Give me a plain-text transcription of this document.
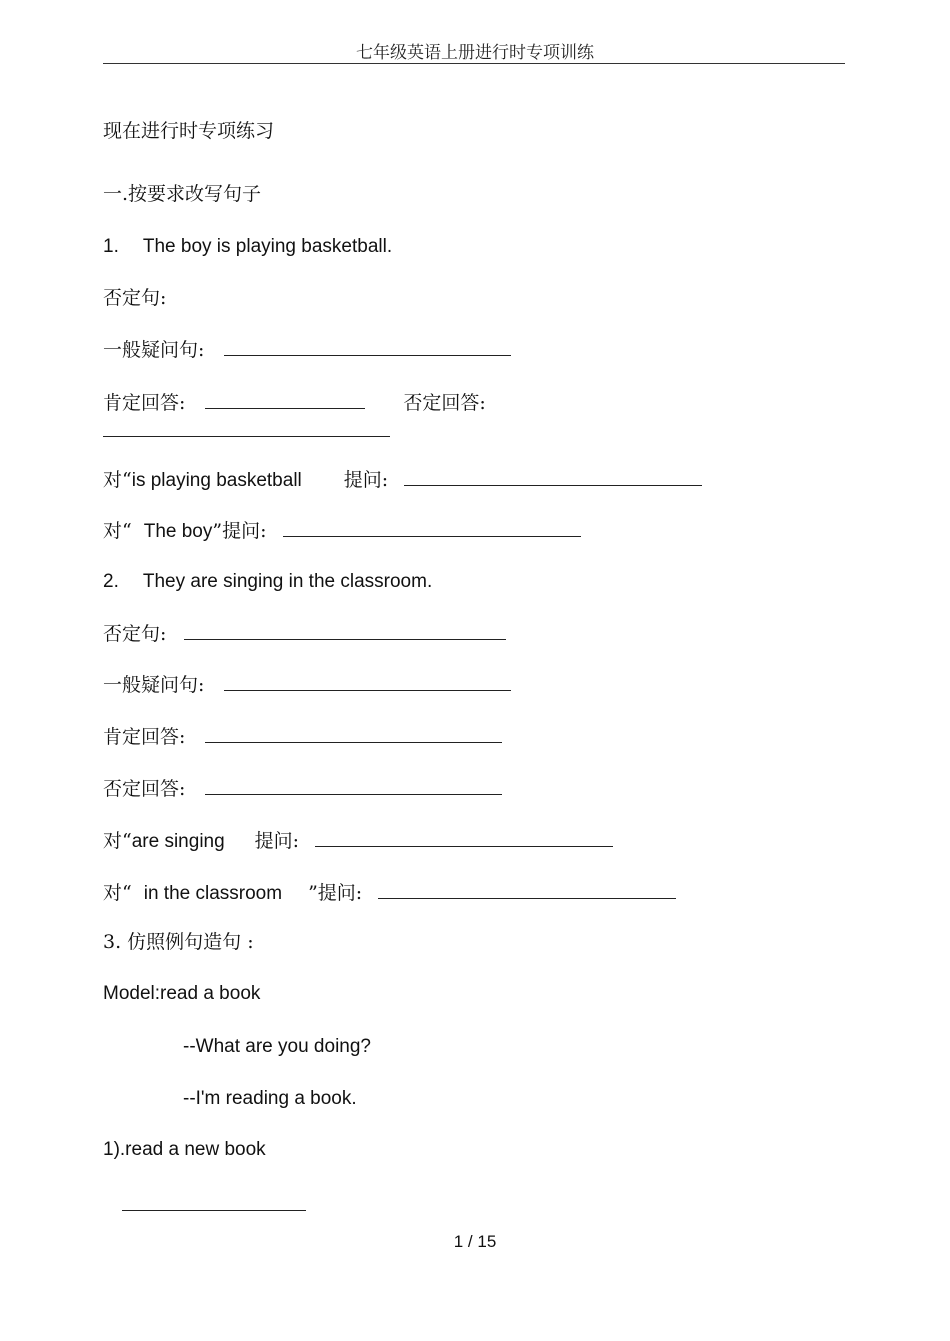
七年级英语上册进行时专项训练
现在进行时专项练习
一.按要求改写句子
1. The boy is playing basketball.
否定句:
一般疑问句:
肯定回答:	否定回答:
对“is playing basketball 提问:
对“ The boy”提问:
2. They are singing in the classroom.
否定句:
一般疑问句:
肯定回答:
否定回答:
对“are singing 提问:
对“ in the classroom ”提问:
3. 仿照例句造句 :
Model:read a book
--What are you doing?
--I'm reading a book.
1).read a new book
1 / 15
